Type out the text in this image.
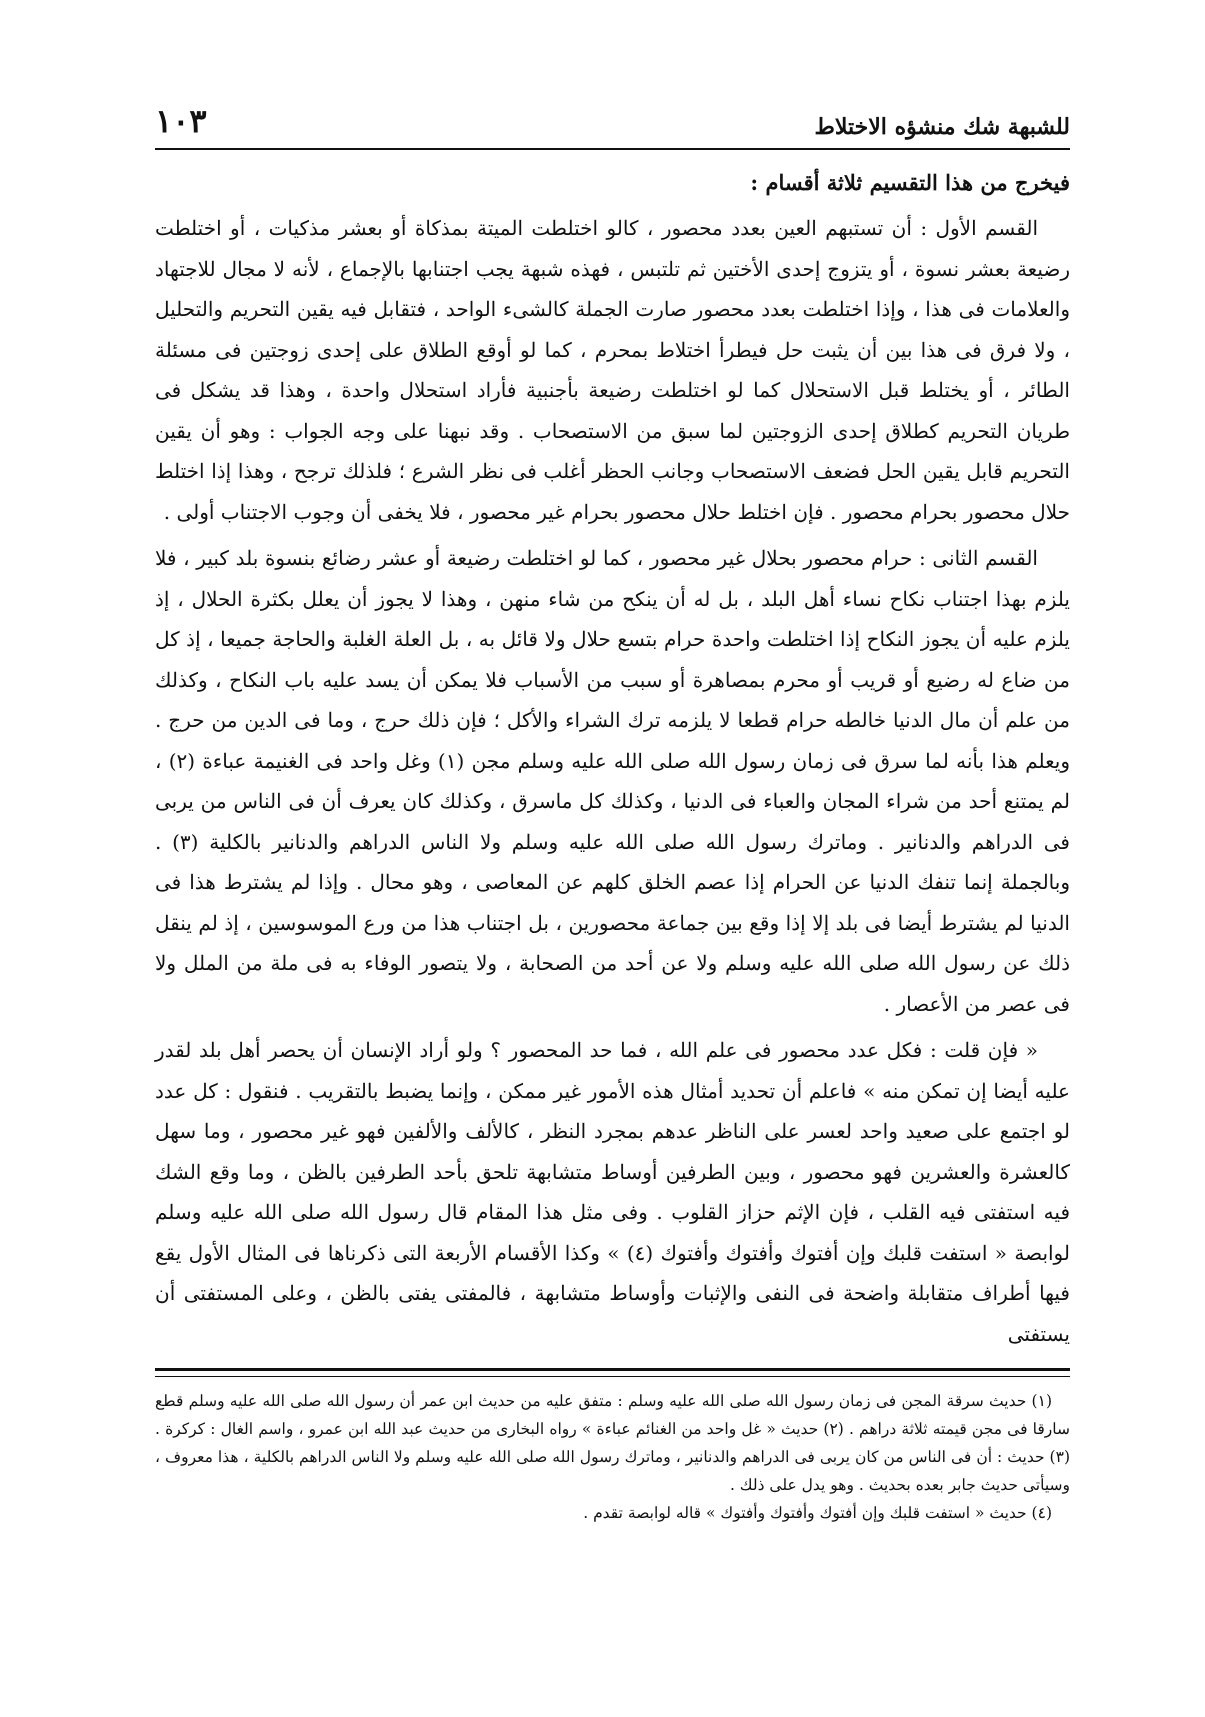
للشبهة شك منشؤه الاختلاط
١٠٣

فيخرج من هذا التقسيم ثلاثة أقسام :

القسم الأول : أن تستبهم العين بعدد محصور ، كالو اختلطت الميتة بمذكاة أو بعشر مذكيات ، أو اختلطت رضيعة بعشر نسوة ، أو يتزوج إحدى الأختين ثم تلتبس ، فهذه شبهة يجب اجتنابها بالإجماع ، لأنه لا مجال للاجتهاد والعلامات فى هذا ، وإذا اختلطت بعدد محصور صارت الجملة كالشىء الواحد ، فتقابل فيه يقين التحريم والتحليل ، ولا فرق فى هذا بين أن يثبت حل فيطرأ اختلاط بمحرم ، كما لو أوقع الطلاق على إحدى زوجتين فى مسئلة الطائر ، أو يختلط قبل الاستحلال كما لو اختلطت رضيعة بأجنبية فأراد استحلال واحدة ، وهذا قد يشكل فى طريان التحريم كطلاق إحدى الزوجتين لما سبق من الاستصحاب . وقد نبهنا على وجه الجواب : وهو أن يقين التحريم قابل يقين الحل فضعف الاستصحاب وجانب الحظر أغلب فى نظر الشرع ؛ فلذلك ترجح ، وهذا إذا اختلط حلال محصور بحرام محصور . فإن اختلط حلال محصور بحرام غير محصور ، فلا يخفى أن وجوب الاجتناب أولى .

القسم الثانى : حرام محصور بحلال غير محصور ، كما لو اختلطت رضيعة أو عشر رضائع بنسوة بلد كبير ، فلا يلزم بهذا اجتناب نكاح نساء أهل البلد ، بل له أن ينكح من شاء منهن ، وهذا لا يجوز أن يعلل بكثرة الحلال ، إذ يلزم عليه أن يجوز النكاح إذا اختلطت واحدة حرام بتسع حلال ولا قائل به ، بل العلة الغلبة والحاجة جميعا ، إذ كل من ضاع له رضيع أو قريب أو محرم بمصاهرة أو سبب من الأسباب فلا يمكن أن يسد عليه باب النكاح ، وكذلك من علم أن مال الدنيا خالطه حرام قطعا لا يلزمه ترك الشراء والأكل ؛ فإن ذلك حرج ، وما فى الدين من حرج . ويعلم هذا بأنه لما سرق فى زمان رسول الله صلى الله عليه وسلم مجن (١) وغل واحد فى الغنيمة عباءة (٢) ، لم يمتنع أحد من شراء المجان والعباء فى الدنيا ، وكذلك كل ماسرق ، وكذلك كان يعرف أن فى الناس من يربى فى الدراهم والدنانير . وماترك رسول الله صلى الله عليه وسلم ولا الناس الدراهم والدنانير بالكلية (٣) . وبالجملة إنما تنفك الدنيا عن الحرام إذا عصم الخلق كلهم عن المعاصى ، وهو محال . وإذا لم يشترط هذا فى الدنيا لم يشترط أيضا فى بلد إلا إذا وقع بين جماعة محصورين ، بل اجتناب هذا من ورع الموسوسين ، إذ لم ينقل ذلك عن رسول الله صلى الله عليه وسلم ولا عن أحد من الصحابة ، ولا يتصور الوفاء به فى ملة من الملل ولا فى عصر من الأعصار .

« فإن قلت : فكل عدد محصور فى علم الله ، فما حد المحصور ؟ ولو أراد الإنسان أن يحصر أهل بلد لقدر عليه أيضا إن تمكن منه » فاعلم أن تحديد أمثال هذه الأمور غير ممكن ، وإنما يضبط بالتقريب . فنقول : كل عدد لو اجتمع على صعيد واحد لعسر على الناظر عدهم بمجرد النظر ، كالألف والألفين فهو غير محصور ، وما سهل كالعشرة والعشرين فهو محصور ، وبين الطرفين أوساط متشابهة تلحق بأحد الطرفين بالظن ، وما وقع الشك فيه استفتى فيه القلب ، فإن الإثم حزاز القلوب . وفى مثل هذا المقام قال رسول الله صلى الله عليه وسلم لوابصة « استفت قلبك وإن أفتوك وأفتوك وأفتوك (٤) » وكذا الأقسام الأربعة التى ذكرناها فى المثال الأول يقع فيها أطراف متقابلة واضحة فى النفى والإثبات وأوساط متشابهة ، فالمفتى يفتى بالظن ، وعلى المستفتى أن يستفتى

(١) حديث سرقة المجن فى زمان رسول الله صلى الله عليه وسلم : متفق عليه من حديث ابن عمر أن رسول الله صلى الله عليه وسلم قطع سارقا فى مجن قيمته ثلاثة دراهم . (٢) حديث « غل واحد من الغنائم عباءة » رواه البخارى من حديث عبد الله ابن عمرو ، واسم الغال : كركرة . (٣) حديث : أن فى الناس من كان يربى فى الدراهم والدنانير ، وماترك رسول الله صلى الله عليه وسلم ولا الناس الدراهم بالكلية ، هذا معروف ، وسيأتى حديث جابر بعده بحديث . وهو يدل على ذلك .

(٤) حديث « استفت قلبك وإن أفتوك وأفتوك وأفتوك » قاله لوابصة تقدم .
